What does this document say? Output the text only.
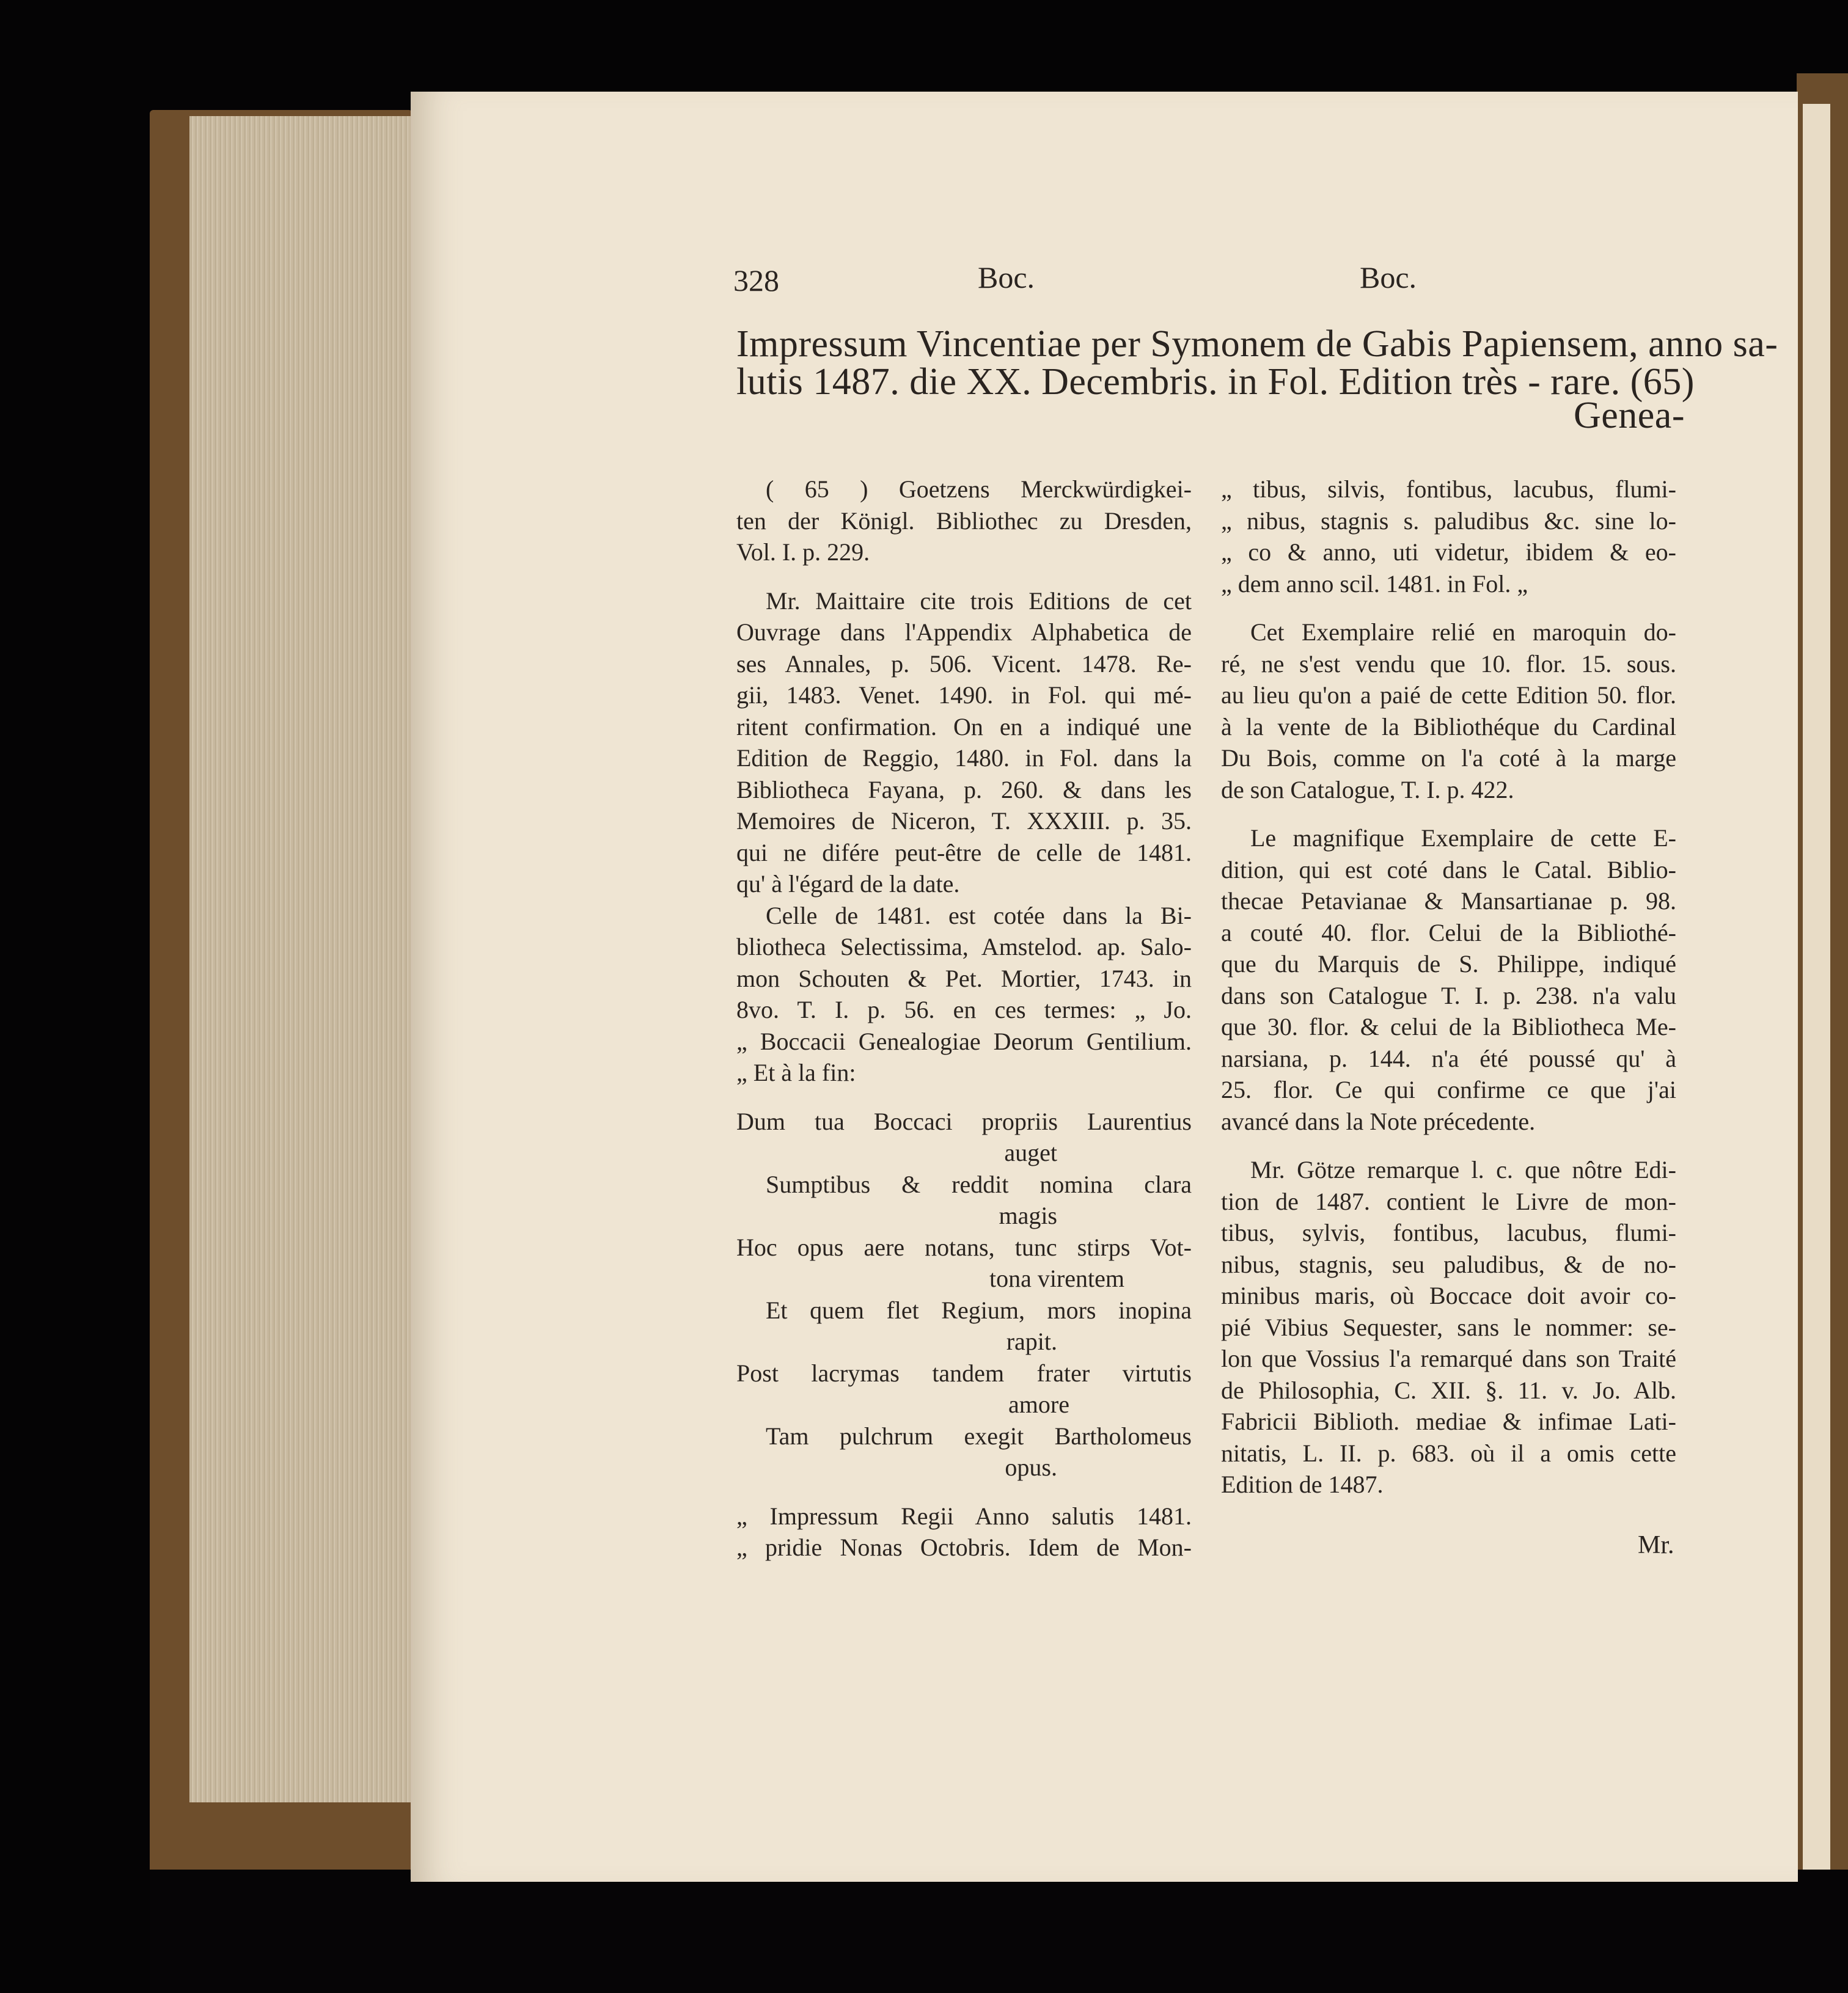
328	Boc.	Boc.
Impressum Vincentiae per Symonem de Gabis Papiensem, anno sa-
lutis 1487. die XX. Decembris. in Fol. Edition très - rare. (65)
Genea-
( 65 ) Goetzens Merckwürdigkei-
ten der Königl. Bibliothec zu Dresden,
Vol. I. p. 229.
Mr. Maittaire cite trois Editions de cet
Ouvrage dans l'Appendix Alphabetica de
ses Annales, p. 506. Vicent. 1478. Re-
gii, 1483. Venet. 1490. in Fol. qui mé-
ritent confirmation. On en a indiqué une
Edition de Reggio, 1480. in Fol. dans la
Bibliotheca Fayana, p. 260. & dans les
Memoires de Niceron, T. XXXIII. p. 35.
qui ne difére peut-être de celle de 1481.
qu' à l'égard de la date.
Celle de 1481. est cotée dans la Bi-
bliotheca Selectissima, Amstelod. ap. Salo-
mon Schouten & Pet. Mortier, 1743. in
8vo. T. I. p. 56. en ces termes: „ Jo.
„ Boccacii Genealogiae Deorum Gentilium.
„ Et à la fin:
Dum tua Boccaci propriis Laurentius
auget
Sumptibus & reddit nomina clara
magis
Hoc opus aere notans, tunc stirps Vot-
tona virentem
Et quem flet Regium, mors inopina
rapit.
Post lacrymas tandem frater virtutis
amore
Tam pulchrum exegit Bartholomeus
opus.
„ Impressum Regii Anno salutis 1481.
„ pridie Nonas Octobris. Idem de Mon-
„ tibus, silvis, fontibus, lacubus, flumi-
„ nibus, stagnis s. paludibus &c. sine lo-
„ co & anno, uti videtur, ibidem & eo-
„ dem anno scil. 1481. in Fol. „
Cet Exemplaire relié en maroquin do-
ré, ne s'est vendu que 10. flor. 15. sous.
au lieu qu'on a paié de cette Edition 50. flor.
à la vente de la Bibliothéque du Cardinal
Du Bois, comme on l'a coté à la marge
de son Catalogue, T. I. p. 422.
Le magnifique Exemplaire de cette E-
dition, qui est coté dans le Catal. Biblio-
thecae Petavianae & Mansartianae p. 98.
a couté 40. flor. Celui de la Bibliothé-
que du Marquis de S. Philippe, indiqué
dans son Catalogue T. I. p. 238. n'a valu
que 30. flor. & celui de la Bibliotheca Me-
narsiana, p. 144. n'a été poussé qu' à
25. flor. Ce qui confirme ce que j'ai
avancé dans la Note précedente.
Mr. Götze remarque l. c. que nôtre Edi-
tion de 1487. contient le Livre de mon-
tibus, sylvis, fontibus, lacubus, flumi-
nibus, stagnis, seu paludibus, & de no-
minibus maris, où Boccace doit avoir co-
pié Vibius Sequester, sans le nommer: se-
lon que Vossius l'a remarqué dans son Traité
de Philosophia, C. XII. §. 11. v. Jo. Alb.
Fabricii Biblioth. mediae & infimae Lati-
nitatis, L. II. p. 683. où il a omis cette
Edition de 1487.
Mr.
